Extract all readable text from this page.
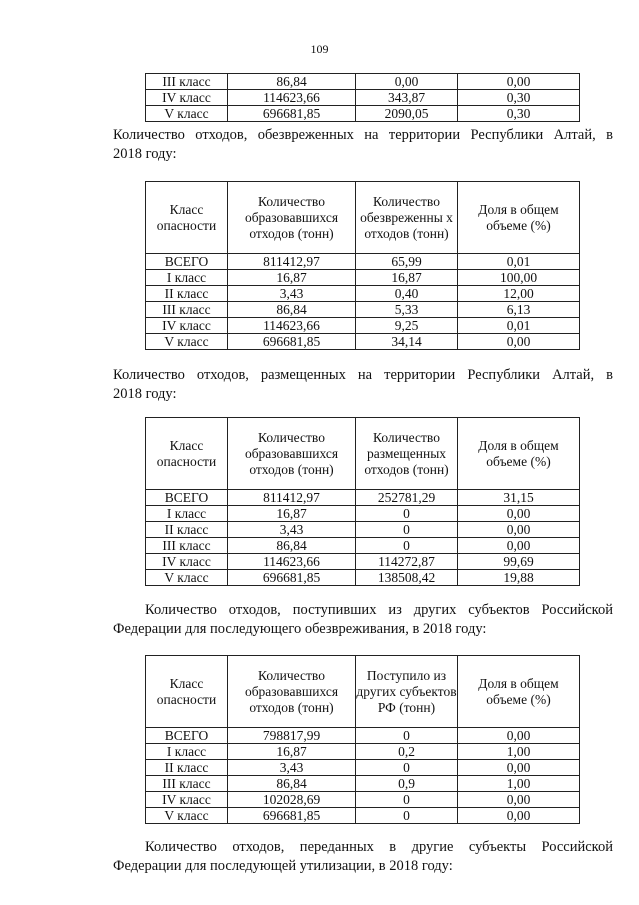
109
III класс	86,84	0,00	0,00
IV класс	114623,66	343,87	0,30
V класс	696681,85	2090,05	0,30
Количество отходов, обезвреженных на территории Республики Алтай, в
2018 году:
Класс опасности	Количество образовавшихся отходов (тонн)	Количество обезвреженны х отходов (тонн)	Доля в общем объеме (%)
ВСЕГО	811412,97	65,99	0,01
I класс	16,87	16,87	100,00
II класс	3,43	0,40	12,00
III класс	86,84	5,33	6,13
IV класс	114623,66	9,25	0,01
V класс	696681,85	34,14	0,00
Количество отходов, размещенных на территории Республики Алтай, в
2018 году:
Класс опасности	Количество образовавшихся отходов (тонн)	Количество размещенных отходов (тонн)	Доля в общем объеме (%)
ВСЕГО	811412,97	252781,29	31,15
I класс	16,87	0	0,00
II класс	3,43	0	0,00
III класс	86,84	0	0,00
IV класс	114623,66	114272,87	99,69
V класс	696681,85	138508,42	19,88
Количество отходов, поступивших из других субъектов Российской
Федерации для последующего обезвреживания, в 2018 году:
Класс опасности	Количество образовавшихся отходов (тонн)	Поступило из других субъектов РФ (тонн)	Доля в общем объеме (%)
ВСЕГО	798817,99	0	0,00
I класс	16,87	0,2	1,00
II класс	3,43	0	0,00
III класс	86,84	0,9	1,00
IV класс	102028,69	0	0,00
V класс	696681,85	0	0,00
Количество отходов, переданных в другие субъекты Российской
Федерации для последующей утилизации, в 2018 году:
